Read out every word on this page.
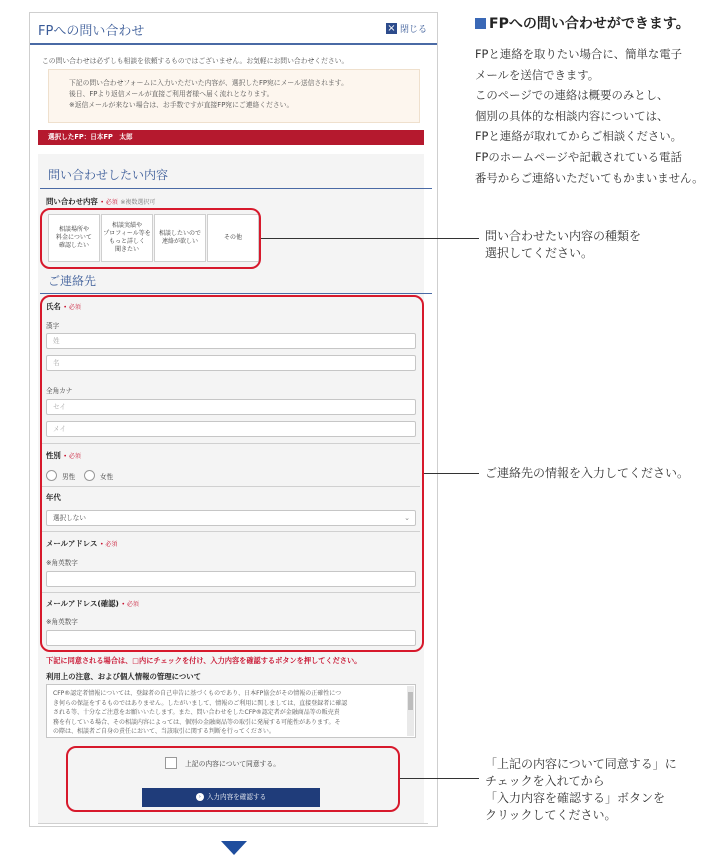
FPへの問い合わせ	× 閉じる
この問い合わせは必ずしも相談を依頼するものではございません。お気軽にお問い合わせください。
下記の問い合わせフォームに入力いただいた内容が、選択したFP宛にメール送信されます。
後日、FPより返信メールが直接ご利用者様へ届く流れとなります。
※返信メールが来ない場合は、お手数ですが直接FP宛にご連絡ください。
選択したFP：日本FP　太郎
問い合わせしたい内容
問い合わせ内容 • 必須 ※複数選択可
相談場所や
料金について
確認したい
相談実績や
プロフィール等を
もっと詳しく
聞きたい
相談したいので
連絡が欲しい
その他
ご連絡先
氏名 • 必須
漢字
姓
名
全角カナ
セイ
メイ
性別 • 必須
男性	女性
年代
選択しない	⌄
メールアドレス • 必須
※角英数字
メールアドレス(確認) • 必須
※角英数字
下記に同意される場合は、□内にチェックを付け、入力内容を確認するボタンを押してください。
利用上の注意、および個人情報の管理について
CFP®認定者情報については、登録者の自己申告に基づくものであり、日本FP協会がその情報の正確性につ
き何らの保証をするものではありません。したがいまして、情報のご利用に関しましては、直接登録者に確認
される等、十分なご注意をお願いいたします。また、問い合わせをしたCFP®認定者が金融商品等の販売責
務を有している場合、その相談内容によっては、個別の金融商品等の取引に発展する可能性があります。そ
の際は、相談者ご自身の責任において、当該取引に関する判断を行ってください。
上記の内容について同意する。
› 入力内容を確認する
問い合わせたい内容の種類を
選択してください。
ご連絡先の情報を入力してください。
「上記の内容について同意する」に
チェックを入れてから
「入力内容を確認する」ボタンを
クリックしてください。
FPへの問い合わせができます。
FPと連絡を取りたい場合に、簡単な電子
メールを送信できます。
このページでの連絡は概要のみとし、
個別の具体的な相談内容については、
FPと連絡が取れてからご相談ください。
FPのホームページや記載されている電話
番号からご連絡いただいてもかまいません。
